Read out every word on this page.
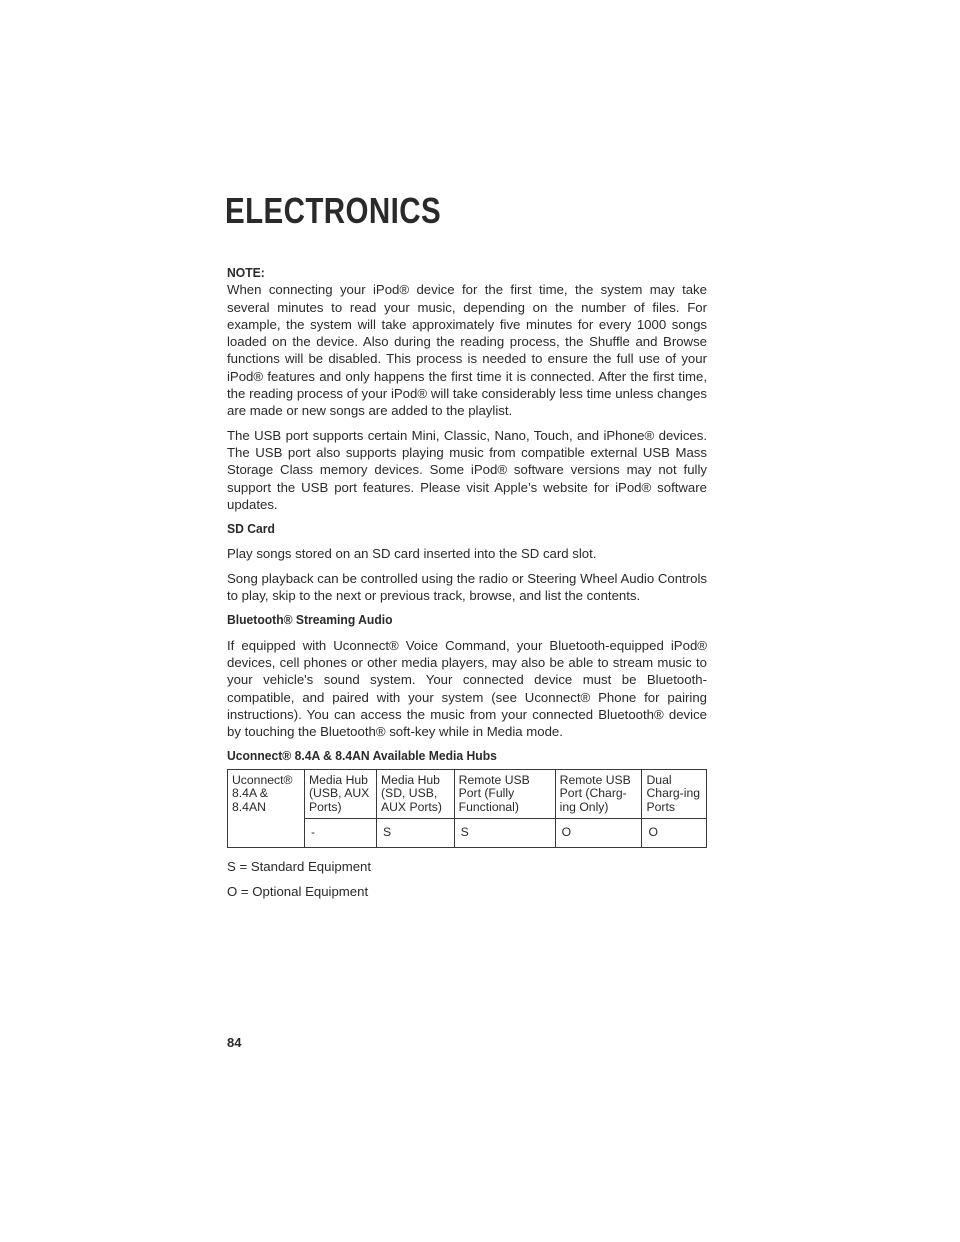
ELECTRONICS

NOTE:

When connecting your iPod® device for the first time, the system may take several minutes to read your music, depending on the number of files. For example, the system will take approximately five minutes for every 1000 songs loaded on the device. Also during the reading process, the Shuffle and Browse functions will be disabled. This process is needed to ensure the full use of your iPod® features and only happens the first time it is connected. After the first time, the reading process of your iPod® will take considerably less time unless changes are made or new songs are added to the playlist.

The USB port supports certain Mini, Classic, Nano, Touch, and iPhone® devices. The USB port also supports playing music from compatible external USB Mass Storage Class memory devices. Some iPod® software versions may not fully support the USB port features. Please visit Apple’s website for iPod® software updates.

SD Card

Play songs stored on an SD card inserted into the SD card slot.

Song playback can be controlled using the radio or Steering Wheel Audio Controls to play, skip to the next or previous track, browse, and list the contents.

Bluetooth® Streaming Audio

If equipped with Uconnect® Voice Command, your Bluetooth-equipped iPod® devices, cell phones or other media players, may also be able to stream music to your vehicle's sound system. Your connected device must be Bluetooth-compatible, and paired with your system (see Uconnect® Phone for pairing instructions). You can access the music from your connected Bluetooth® device by touching the Bluetooth® soft-key while in Media mode.

Uconnect® 8.4A & 8.4AN Available Media Hubs

Uconnect® 8.4A & 8.4AN	Media Hub (USB, AUX Ports)	Media Hub (SD, USB, AUX Ports)	Remote USB Port (Fully Functional)	Remote USB Port (Charg-ing Only)	Dual Charg-ing Ports
	-	S	S	O	O

S = Standard Equipment

O = Optional Equipment

84
